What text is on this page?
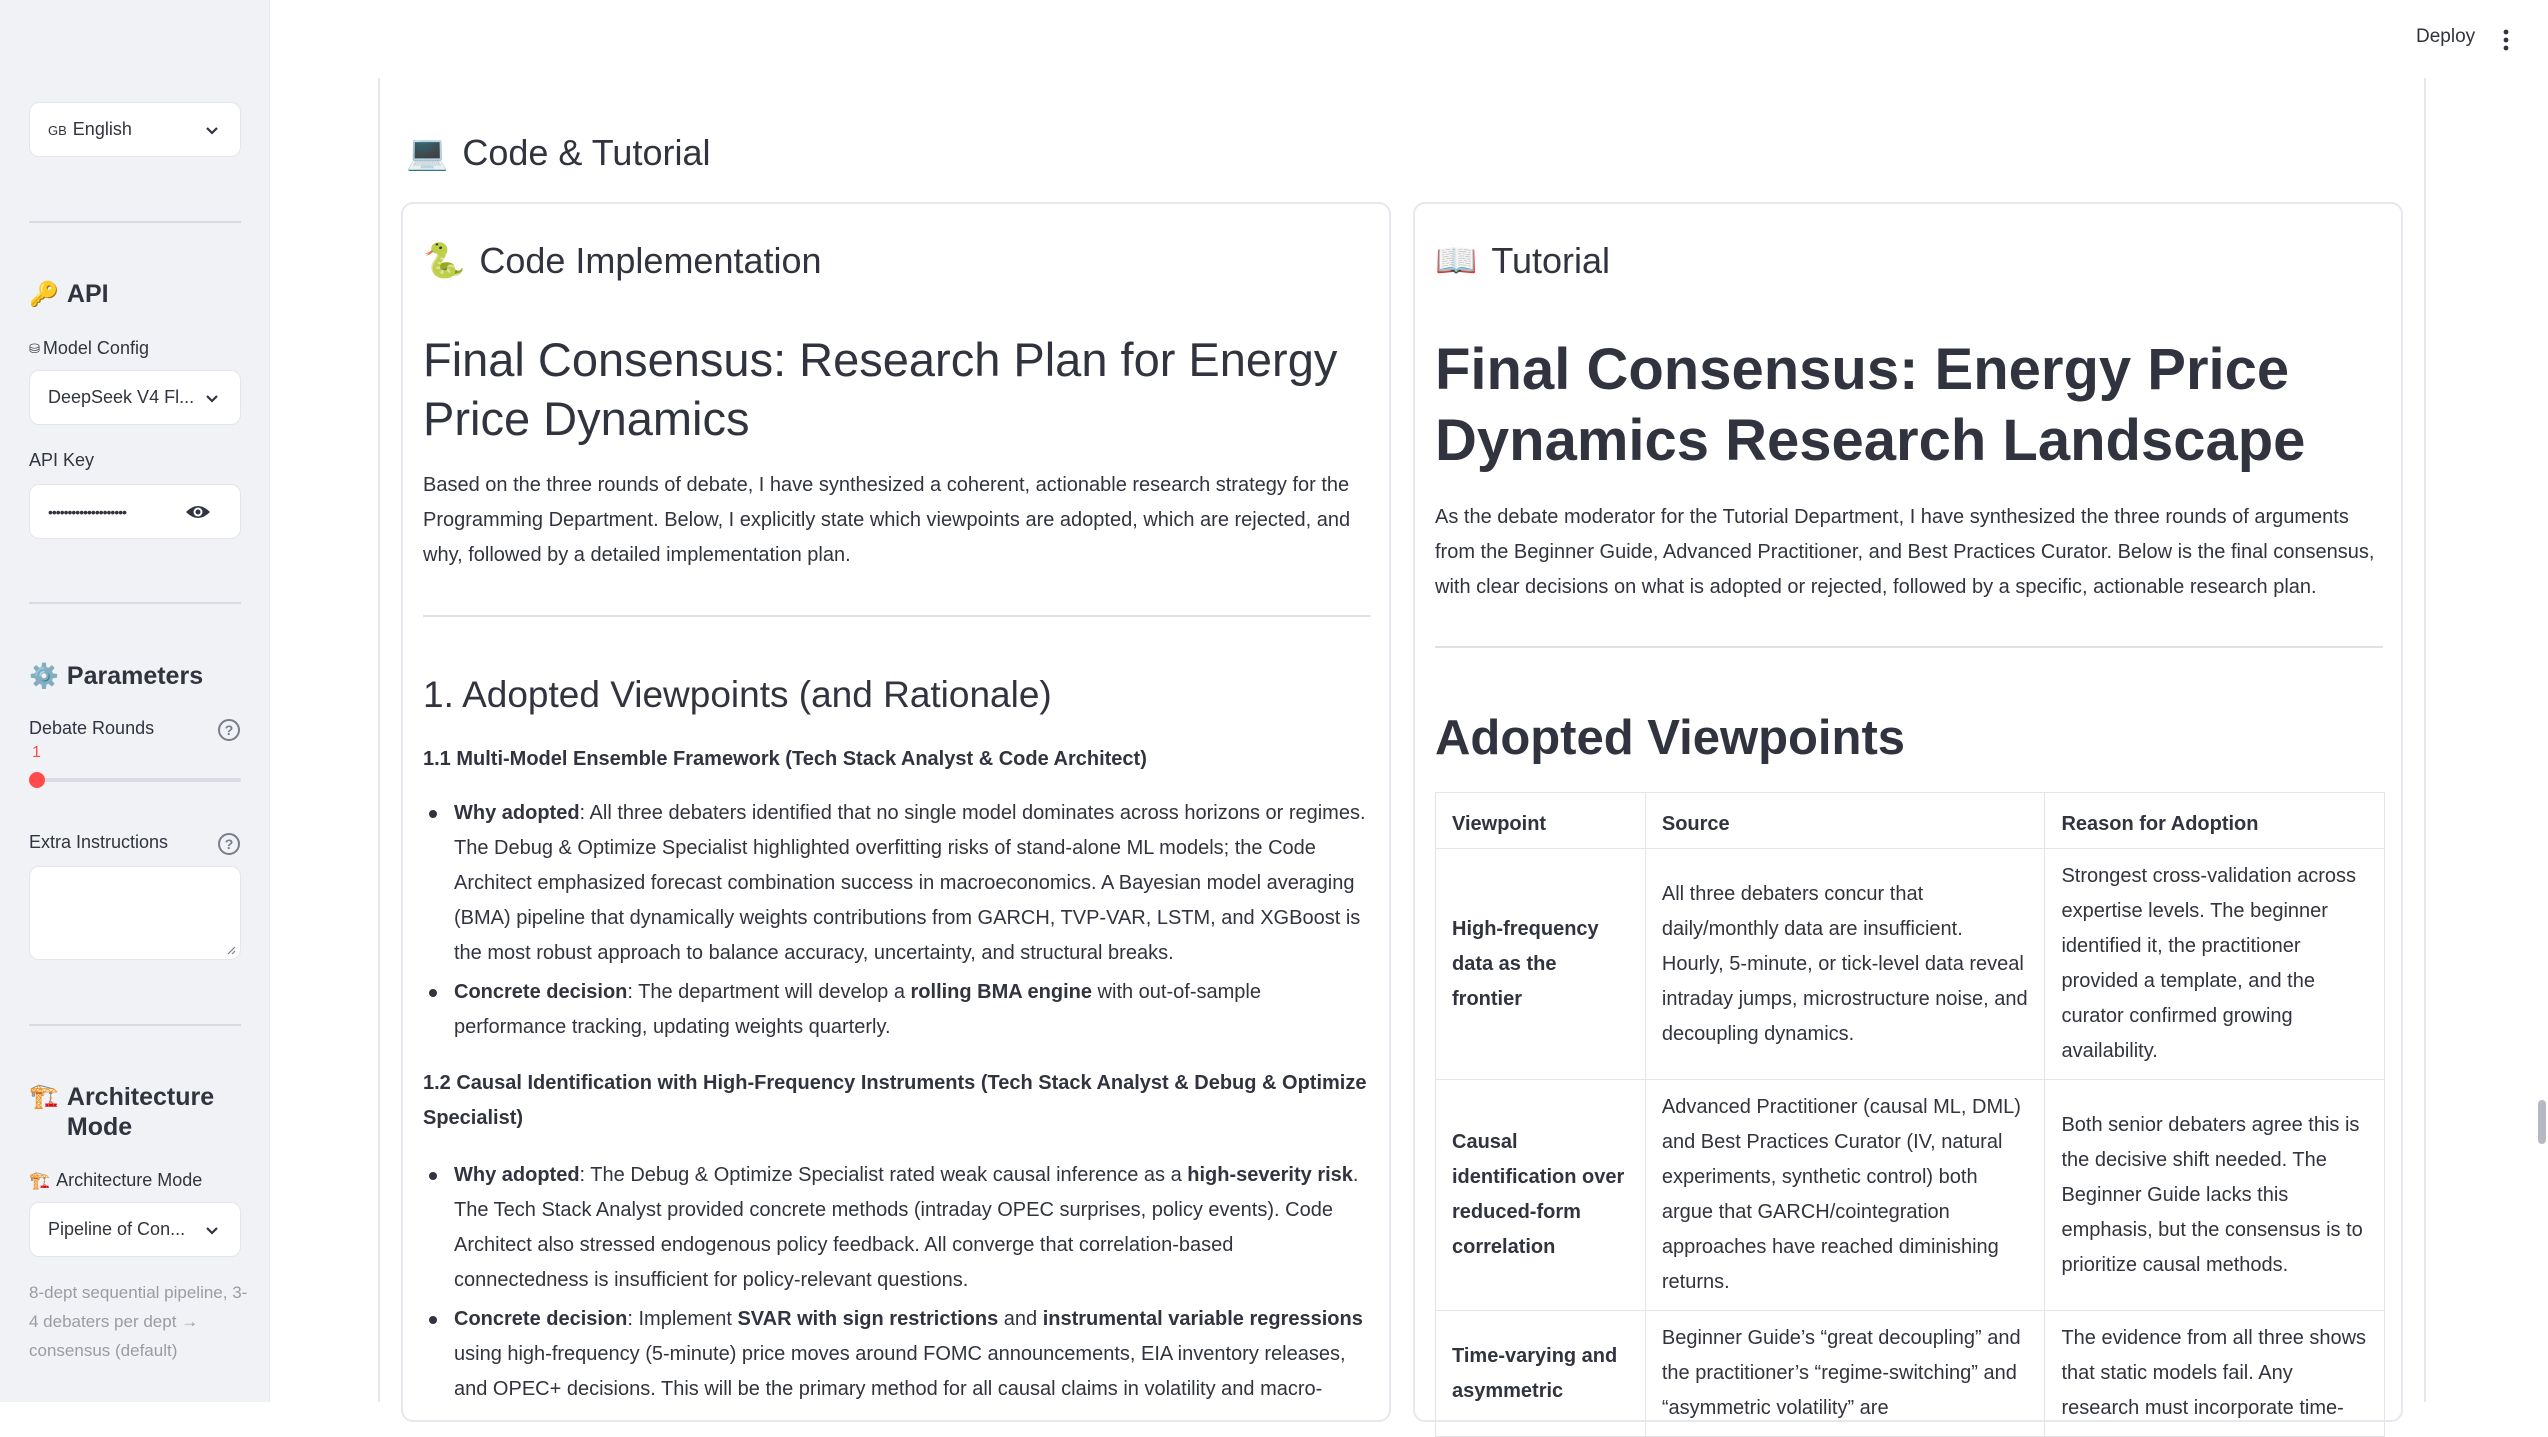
GB English
🔑 API
⛁ Model Config
DeepSeek V4 Fl...
API Key
••••••••••••••••••••
⚙️ Parameters
Debate Rounds	?
1
Extra Instructions	?
🏗️ Architecture Mode
🏗️ Architecture Mode
Pipeline of Con...
8-dept sequential pipeline, 3-4 debaters per dept → consensus (default)
Deploy
💻 Code & Tutorial
🐍 Code Implementation
Final Consensus: Research Plan for Energy Price Dynamics
Based on the three rounds of debate, I have synthesized a coherent, actionable research strategy for the Programming Department. Below, I explicitly state which viewpoints are adopted, which are rejected, and why, followed by a detailed implementation plan.
1. Adopted Viewpoints (and Rationale)
1.1 Multi-Model Ensemble Framework (Tech Stack Analyst & Code Architect)
Why adopted: All three debaters identified that no single model dominates across horizons or regimes. The Debug & Optimize Specialist highlighted overfitting risks of stand-alone ML models; the Code Architect emphasized forecast combination success in macroeconomics. A Bayesian model averaging (BMA) pipeline that dynamically weights contributions from GARCH, TVP-VAR, LSTM, and XGBoost is the most robust approach to balance accuracy, uncertainty, and structural breaks.
Concrete decision: The department will develop a rolling BMA engine with out-of-sample performance tracking, updating weights quarterly.
1.2 Causal Identification with High-Frequency Instruments (Tech Stack Analyst & Debug & Optimize Specialist)
Why adopted: The Debug & Optimize Specialist rated weak causal inference as a high-severity risk. The Tech Stack Analyst provided concrete methods (intraday OPEC surprises, policy events). Code Architect also stressed endogenous policy feedback. All converge that correlation-based connectedness is insufficient for policy-relevant questions.
Concrete decision: Implement SVAR with sign restrictions and instrumental variable regressions using high-frequency (5-minute) price moves around FOMC announcements, EIA inventory releases, and OPEC+ decisions. This will be the primary method for all causal claims in volatility and macro-
📖 Tutorial
Final Consensus: Energy Price Dynamics Research Landscape
As the debate moderator for the Tutorial Department, I have synthesized the three rounds of arguments from the Beginner Guide, Advanced Practitioner, and Best Practices Curator. Below is the final consensus, with clear decisions on what is adopted or rejected, followed by a specific, actionable research plan.
Adopted Viewpoints
Viewpoint	Source	Reason for Adoption
High-frequency data as the frontier	All three debaters concur that daily/monthly data are insufficient. Hourly, 5-minute, or tick-level data reveal intraday jumps, microstructure noise, and decoupling dynamics.	Strongest cross-validation across expertise levels. The beginner identified it, the practitioner provided a template, and the curator confirmed growing availability.
Causal identification over reduced-form correlation	Advanced Practitioner (causal ML, DML) and Best Practices Curator (IV, natural experiments, synthetic control) both argue that GARCH/cointegration approaches have reached diminishing returns.	Both senior debaters agree this is the decisive shift needed. The Beginner Guide lacks this emphasis, but the consensus is to prioritize causal methods.
Time-varying and asymmetric	Beginner Guide’s “great decoupling” and the practitioner’s “regime-switching” and “asymmetric volatility” are	The evidence from all three shows that static models fail. Any research must incorporate time-
